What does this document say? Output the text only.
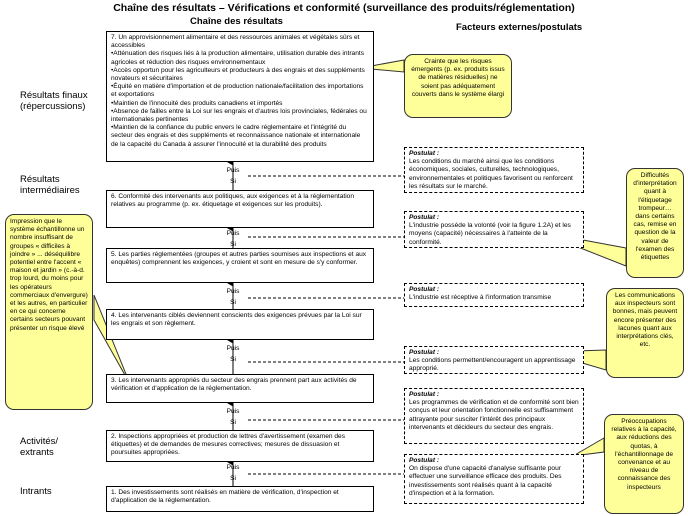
Chaîne des résultats – Vérifications et conformité (surveillance des produits/réglementation)
Chaîne des résultats
Facteurs externes/postulats
Résultats finaux
(répercussions)
Résultats
intermédiaires
Activités/
extrants
Intrants
Puis
Si
Puis
Si
Puis
Si
Puis
Si
Puis
Si
Puis
Si
7. Un approvisionnement alimentaire et des ressources animales et végétales sûrs et accessibles
•Atténuation des risques liés à la production alimentaire, utilisation durable des intrants agricoles et réduction des risques environnementaux
•Accès opportun pour les agriculteurs et producteurs à des engrais et des suppléments novateurs et sécuritaires
•Équité en matière d'importation et de production nationale/facilitation des importations et exportations
•Maintien de l'innocuité des produits canadiens et importés
•Absence de failles entre la Loi sur les engrais et d'autres lois provinciales, fédérales ou internationales pertinentes
•Maintien de la confiance du public envers le cadre réglementaire et l'intégrité du secteur des engrais et des suppléments et reconnaissance nationale et internationale de la capacité du Canada à assurer l'innocuité et la durabilité des produits
6. Conformité des intervenants aux politiques, aux exigences et à la réglementation relatives au programme (p. ex. étiquetage et exigences sur les produits).
5. Les parties réglementées (groupes et autres parties soumises aux inspections et aux enquêtes) comprennent les exigences, y croient et sont en mesure de s'y conformer.
4. Les intervenants ciblés deviennent conscients des exigences prévues par la Loi sur les engrais et son règlement.
3. Les intervenants appropriés du secteur des engrais prennent part aux activités de vérification et d'application de la réglementation.
2. Inspections appropriées et production de lettres d'avertissement (examen des étiquettes) et de demandes de mesures correctives; mesures de dissuasion et poursuites appropriées.
1. Des investissements sont réalisés en matière de vérification, d'inspection et d'application de la réglementation.
Postulat :
Les conditions du marché ainsi que les conditions économiques, sociales, culturelles, technologiques, environnementales et politiques favorisent ou renforcent les résultats sur le marché.
Postulat :
L'industrie possède la volonté (voir la figure 1.2A) et les moyens (capacité) nécessaires à l'atteinte de la conformité.
Postulat :
L'industrie est réceptive à l'information transmise
Postulat :
Les conditions permettent/encouragent un apprentissage approprié.
Postulat :
Les programmes de vérification et de conformité sont bien conçus et leur orientation fonctionnelle est suffisamment attrayante pour susciter l'intérêt des principaux intervenants et décideurs du secteur des engrais.
Postulat :
On dispose d'une capacité d'analyse suffisante pour effectuer une surveillance efficace des produits. Des investissements sont réalisés quant à la capacité d'inspection et à la formation.
Crainte que les risques émergents (p. ex. produits issus de matières résiduelles) ne soient pas adéquatement couverts dans le système élargi
Impression que le système échantillonne un nombre insuffisant de groupes « difficiles à joindre » ... déséquilibre potentiel entre l'accent « maison et jardin » (c.-à-d. trop lourd, du moins pour les opérateurs commerciaux d'envergure) et les autres, en particulier en ce qui concerne certains secteurs pouvant présenter un risque élevé
Difficultés d'interprétation quant à l'étiquetage trompeur… dans certains cas, remise en question de la valeur de l'examen des étiquettes
Les communications aux inspecteurs sont bonnes, mais peuvent encore présenter des lacunes quant aux interprétations clés, etc.
Préoccupations relatives à la capacité, aux réductions des quotas, à l'échantillonnage de convenance et au niveau de connaissance des inspecteurs
